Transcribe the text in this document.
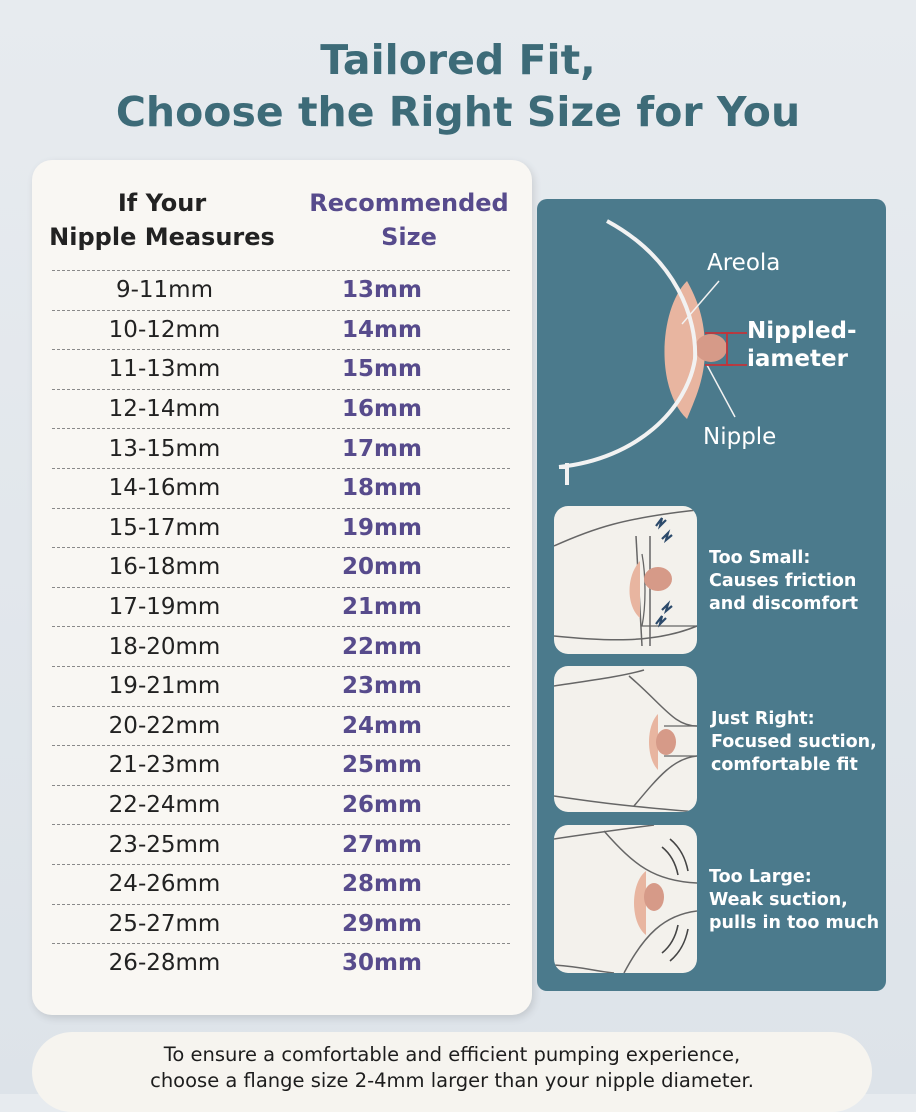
Tailored Fit,
Choose the Right Size for You
If Your
Nipple Measures
Recommended
Size
9-11mm	13mm
10-12mm	14mm
11-13mm	15mm
12-14mm	16mm
13-15mm	17mm
14-16mm	18mm
15-17mm	19mm
16-18mm	20mm
17-19mm	21mm
18-20mm	22mm
19-21mm	23mm
20-22mm	24mm
21-23mm	25mm
22-24mm	26mm
23-25mm	27mm
24-26mm	28mm
25-27mm	29mm
26-28mm	30mm
Areola
Nippled-
iameter
Nipple
Too Small:
Causes friction
and discomfort
Just Right:
Focused suction,
comfortable fit
Too Large:
Weak suction,
pulls in too much
To ensure a comfortable and efficient pumping experience,
choose a flange size 2-4mm larger than your nipple diameter.
